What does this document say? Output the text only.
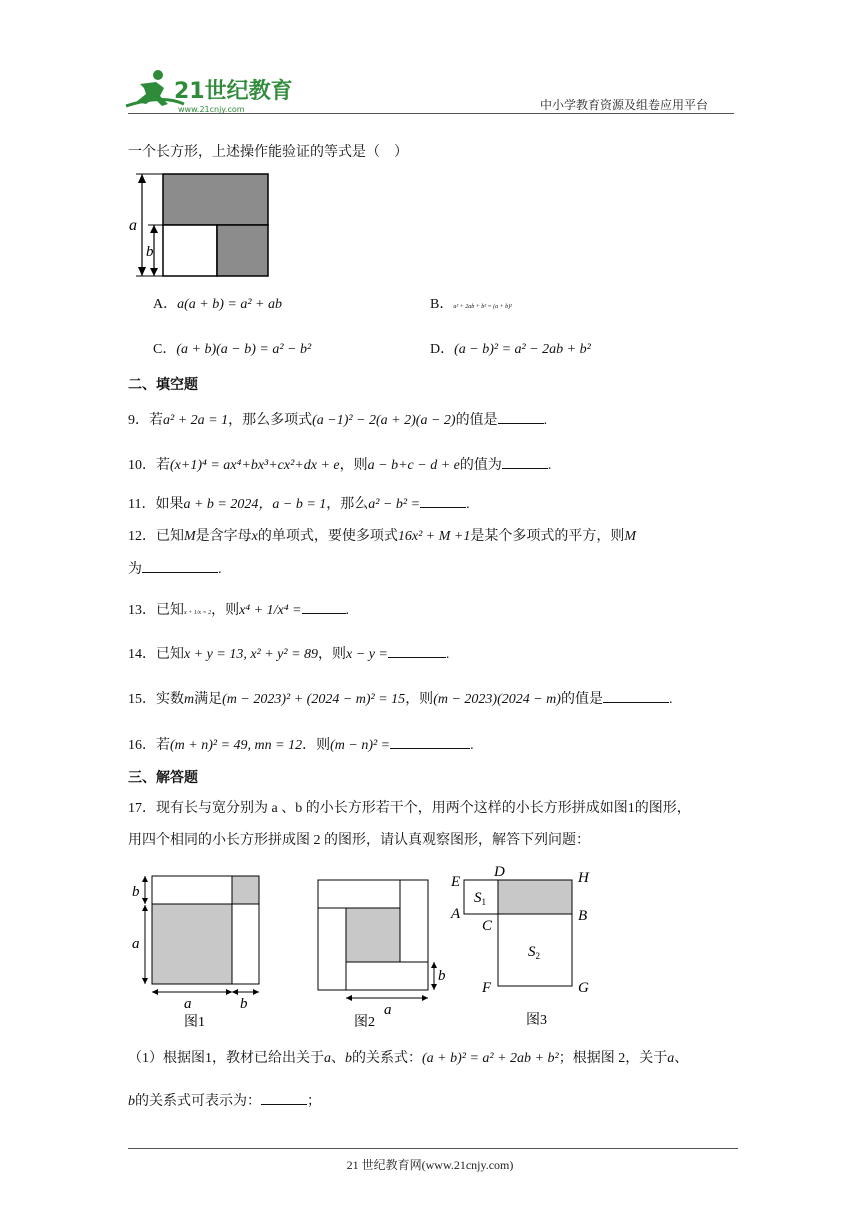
21世纪教育
www.21cnjy.com	中小学教育资源及组卷应用平台
一个长方形，上述操作能验证的等式是（　）
a
b
A．a(a + b) = a² + ab	B．a² + 2ab + b² = (a + b)²
C．(a + b)(a − b) = a² − b²	D．(a − b)² = a² − 2ab + b²
二、填空题
9．若a² + 2a = 1，那么多项式(a −1)² − 2(a + 2)(a − 2)的值是	.
10．若(x+1)⁴ = ax⁴+bx³+cx²+dx + e，则a − b+c − d + e的值为	.
11．如果a + b = 2024，a − b = 1，那么a² − b² =	.
12．已知M是含字母x的单项式，要使多项式16x² + M +1是某个多项式的平方，则M
为	.
13．已知x + 1/x = 2，则x⁴ + 1/x⁴ =	.
14．已知x + y = 13, x² + y² = 89，则x − y =	.
15．实数m满足(m − 2023)² + (2024 − m)² = 15，则(m − 2023)(2024 − m)的值是	.
16．若(m + n)² = 49, mn = 12．则(m − n)² =	.
三、解答题
17．现有长与宽分别为 a 、b 的小长方形若干个，用两个这样的小长方形拼成如图1的图形，
用四个相同的小长方形拼成图 2 的图形，请认真观察图形，解答下列问题：
b
a
a	b
图1
b
a
图2
D	H
E
$S_1$
A
C
B
$S_2$
F	G
图3
（1）根据图1，教材已给出关于a、b的关系式：(a + b)² = a² + 2ab + b²；根据图 2，关于a、
b的关系式可表示为：	；
21 世纪教育网(www.21cnjy.com)
